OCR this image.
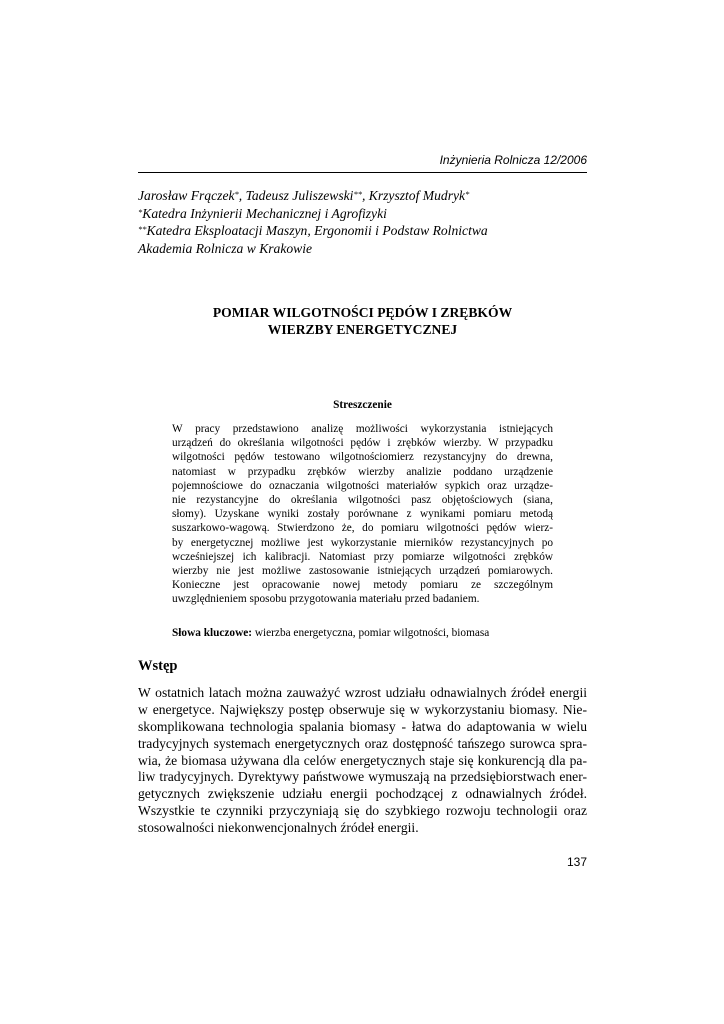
Inżynieria Rolnicza 12/2006
Jarosław Frączek*, Tadeusz Juliszewski**, Krzysztof Mudryk*
*Katedra Inżynierii Mechanicznej i Agrofizyki
**Katedra Eksploatacji Maszyn, Ergonomii i Podstaw Rolnictwa
Akademia Rolnicza w Krakowie
POMIAR WILGOTNOŚCI PĘDÓW I ZRĘBKÓW
WIERZBY ENERGETYCZNEJ
Streszczenie
W pracy przedstawiono analizę możliwości wykorzystania istniejących
urządzeń do określania wilgotności pędów i zrębków wierzby. W przypadku
wilgotności pędów testowano wilgotnościomierz rezystancyjny do drewna,
natomiast w przypadku zrębków wierzby analizie poddano urządzenie
pojemnościowe do oznaczania wilgotności materiałów sypkich oraz urządze-
nie rezystancyjne do określania wilgotności pasz objętościowych (siana,
słomy). Uzyskane wyniki zostały porównane z wynikami pomiaru metodą
suszarkowo-wagową. Stwierdzono że, do pomiaru wilgotności pędów wierz-
by energetycznej możliwe jest wykorzystanie mierników rezystancyjnych po
wcześniejszej ich kalibracji. Natomiast przy pomiarze wilgotności zrębków
wierzby nie jest możliwe zastosowanie istniejących urządzeń pomiarowych.
Konieczne jest opracowanie nowej metody pomiaru ze szczególnym
uwzględnieniem sposobu przygotowania materiału przed badaniem.
Słowa kluczowe: wierzba energetyczna, pomiar wilgotności, biomasa
Wstęp
W ostatnich latach można zauważyć wzrost udziału odnawialnych źródeł energii
w energetyce. Największy postęp obserwuje się w wykorzystaniu biomasy. Nie-
skomplikowana technologia spalania biomasy - łatwa do adaptowania w wielu
tradycyjnych systemach energetycznych oraz dostępność tańszego surowca spra-
wia, że biomasa używana dla celów energetycznych staje się konkurencją dla pa-
liw tradycyjnych. Dyrektywy państwowe wymuszają na przedsiębiorstwach ener-
getycznych zwiększenie udziału energii pochodzącej z odnawialnych źródeł.
Wszystkie te czynniki przyczyniają się do szybkiego rozwoju technologii oraz
stosowalności niekonwencjonalnych źródeł energii.
137
